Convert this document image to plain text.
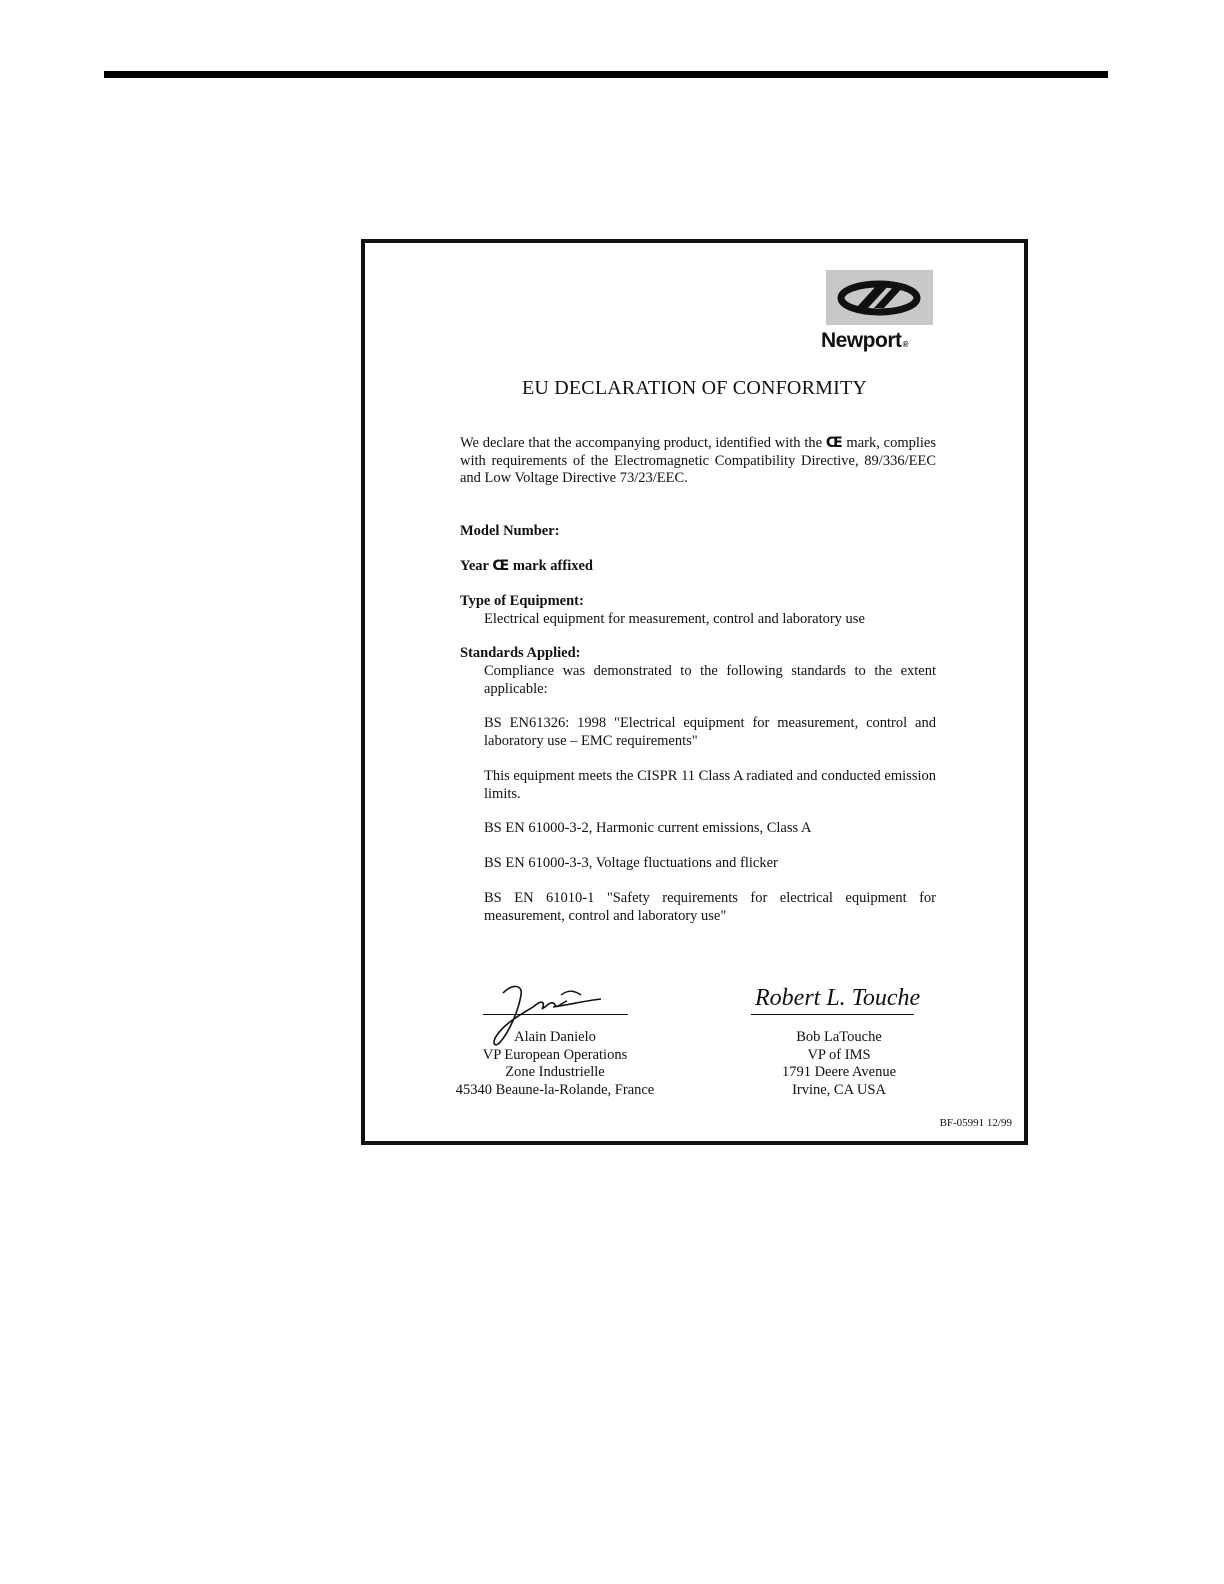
Newport®
EU DECLARATION OF CONFORMITY
We declare that the accompanying product, identified with the CE mark, complies with requirements of the Electromagnetic Compatibility Directive, 89/336/EEC and Low Voltage Directive 73/23/EEC.
Model Number:
Year CE mark affixed
Type of Equipment:
Electrical equipment for measurement, control and laboratory use
Standards Applied:
Compliance was demonstrated to the following standards to the extent applicable:
BS EN61326: 1998 "Electrical equipment for measurement, control and laboratory use – EMC requirements"
This equipment meets the CISPR 11 Class A radiated and conducted emission limits.
BS EN 61000-3-2, Harmonic current emissions, Class A
BS EN 61000-3-3, Voltage fluctuations and flicker
BS EN 61010-1 "Safety requirements for electrical equipment for measurement, control and laboratory use"
Robert L. Touche
Alain Danielo
VP European Operations
Zone Industrielle
45340 Beaune-la-Rolande, France
Bob LaTouche
VP of IMS
1791 Deere Avenue
Irvine, CA USA
BF-05991 12/99
